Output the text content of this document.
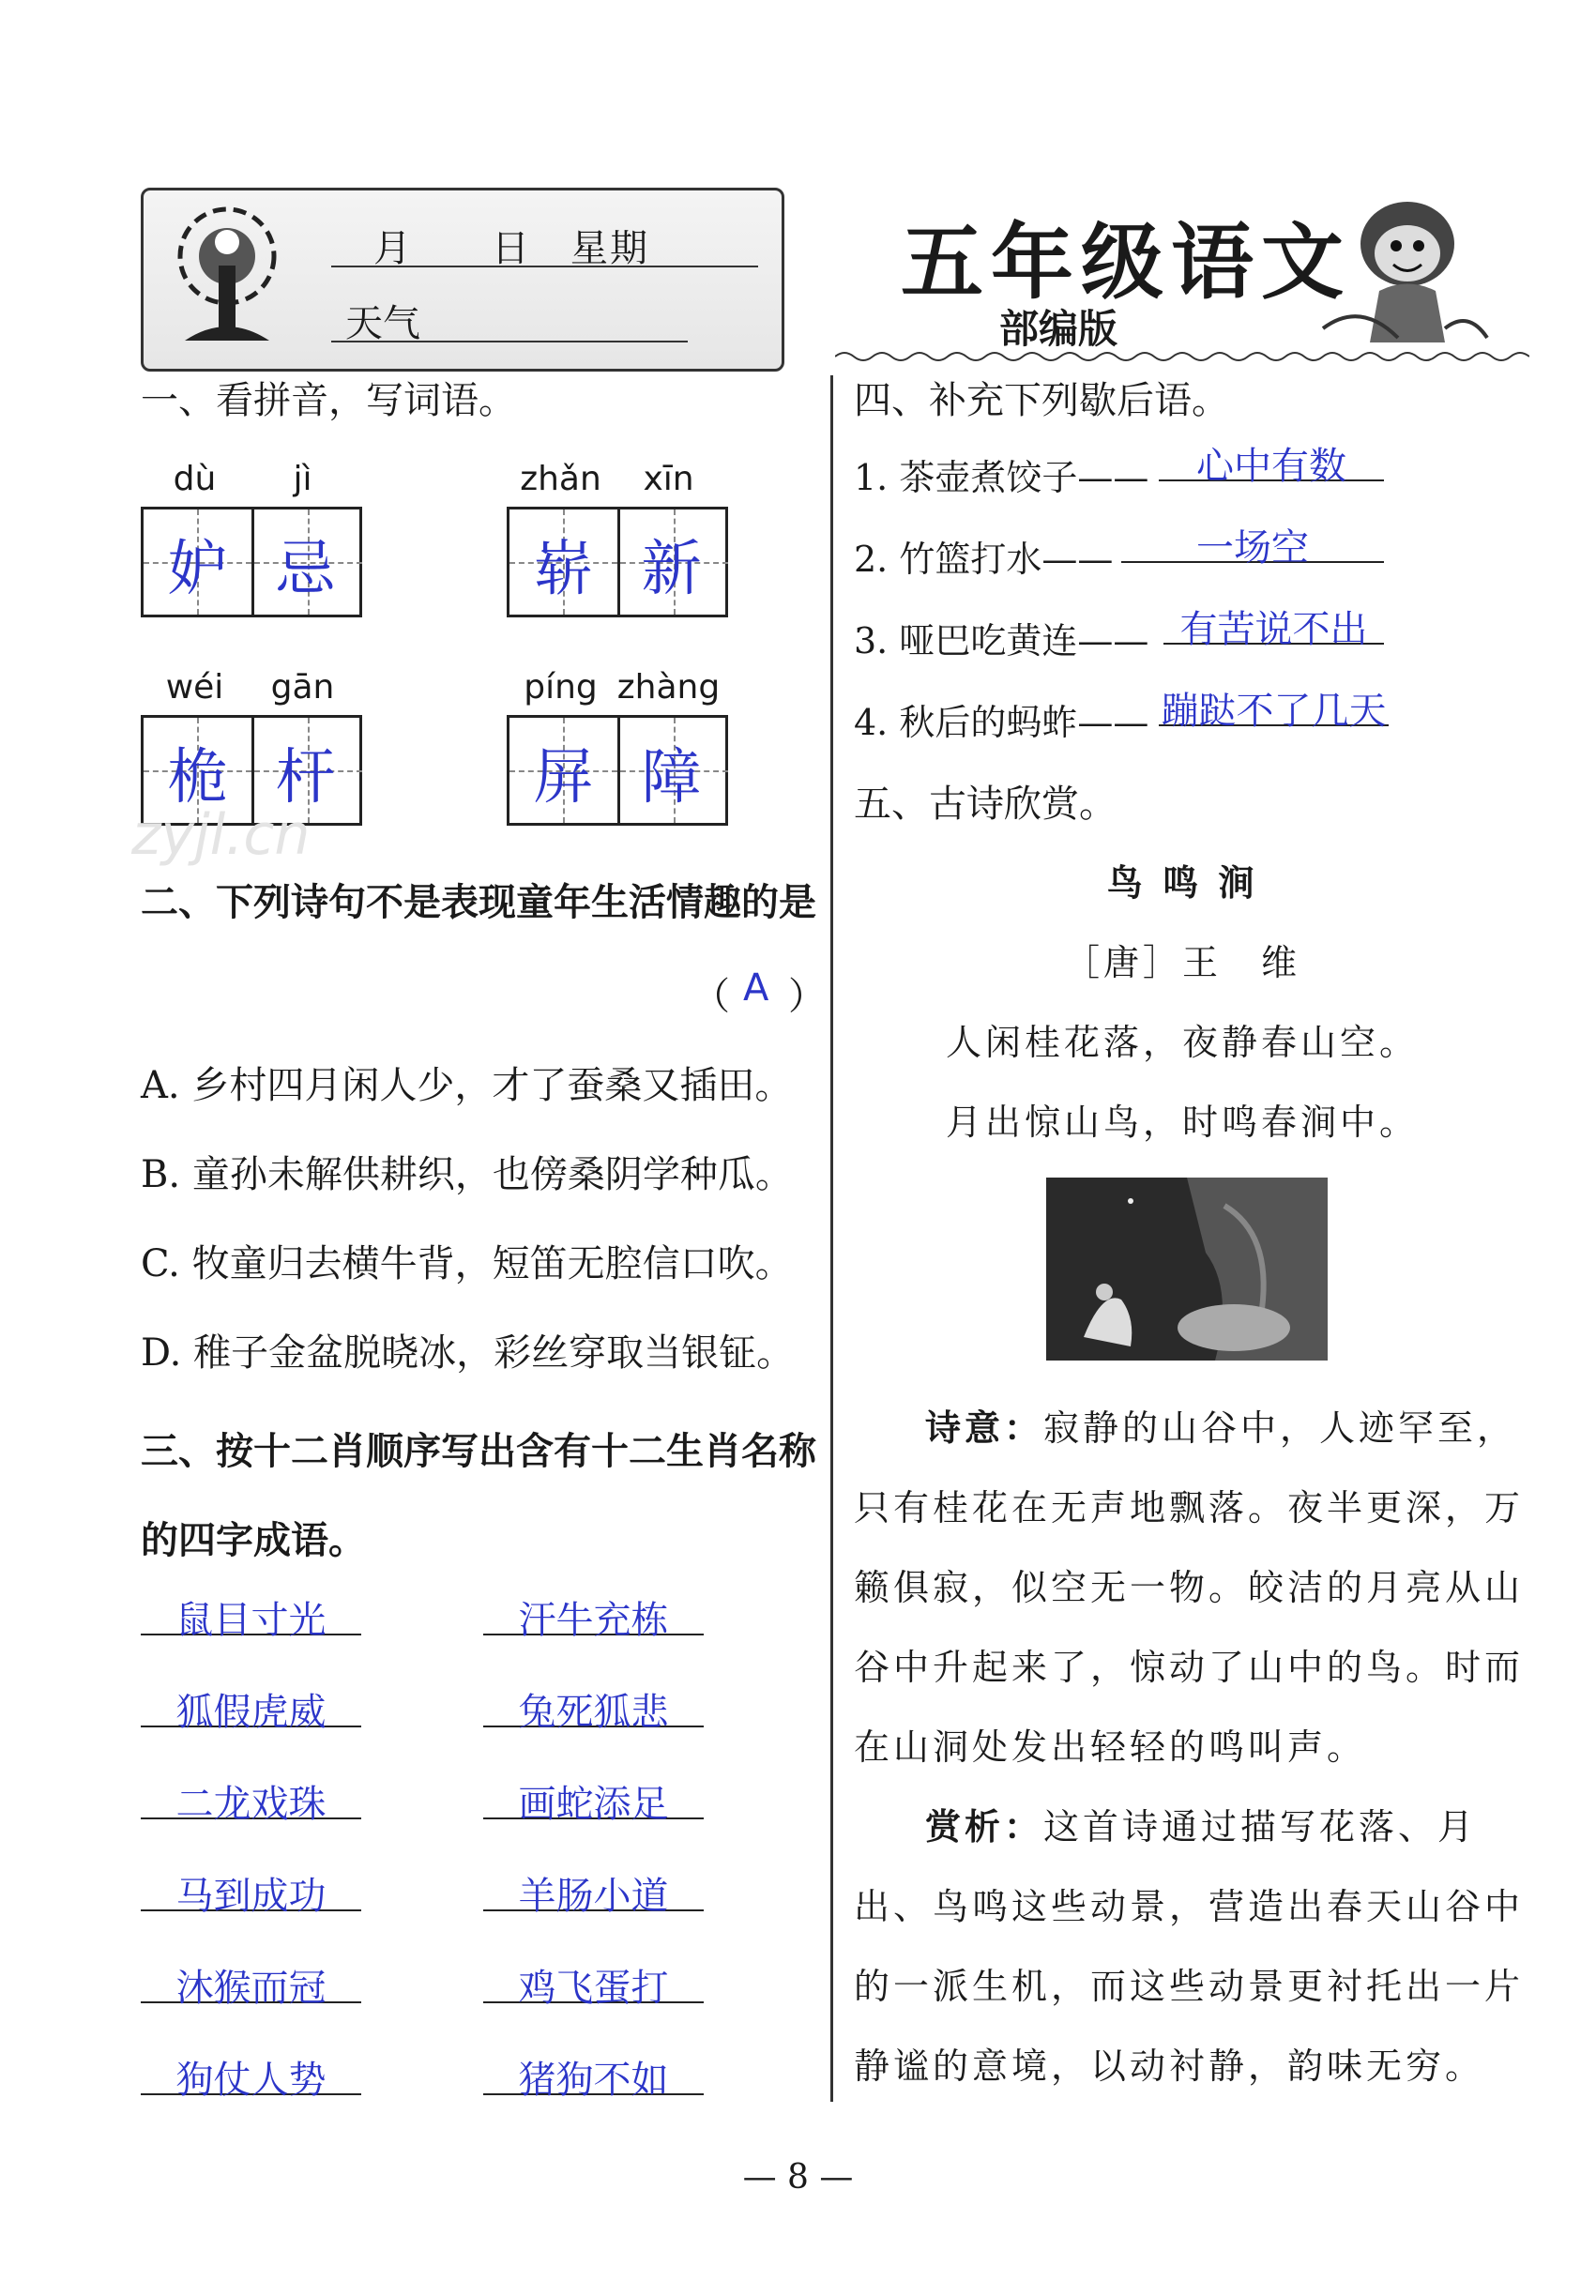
月　　日　星期
天气
五年级语文
部编版
一、看拼音，写词语。
dù	jì
妒 忌
zhǎn	xīn
崭 新
wéi	gān
桅 杆
píng zhàng
屏 障
zyjl.cn
二、下列诗句不是表现童年生活情趣的是
（ A ）
A. 乡村四月闲人少，才了蚕桑又插田。
B. 童孙未解供耕织，也傍桑阴学种瓜。
C. 牧童归去横牛背，短笛无腔信口吹。
D. 稚子金盆脱晓冰，彩丝穿取当银钲。
三、按十二肖顺序写出含有十二生肖名称
的四字成语。
鼠目寸光	汗牛充栋
狐假虎威	兔死狐悲
二龙戏珠	画蛇添足
马到成功	羊肠小道
沐猴而冠	鸡飞蛋打
狗仗人势	猪狗不如
四、补充下列歇后语。
1. 茶壶煮饺子——	心中有数
2. 竹篮打水——	一场空
3. 哑巴吃黄连—— 有苦说不出
4. 秋后的蚂蚱—— 蹦跶不了几天
五、古诗欣赏。
鸟 鸣 涧
［唐］王　维
人闲桂花落，夜静春山空。
月出惊山鸟，时鸣春涧中。
诗意：寂静的山谷中，人迹罕至，只有桂花在无声地飘落。夜半更深，万籁俱寂，似空无一物。皎洁的月亮从山谷中升起来了，惊动了山中的鸟。时而在山洞处发出轻轻的鸣叫声。
赏析：这首诗通过描写花落、月出、鸟鸣这些动景，营造出春天山谷中的一派生机，而这些动景更衬托出一片静谧的意境，以动衬静，韵味无穷。
— 8 —
